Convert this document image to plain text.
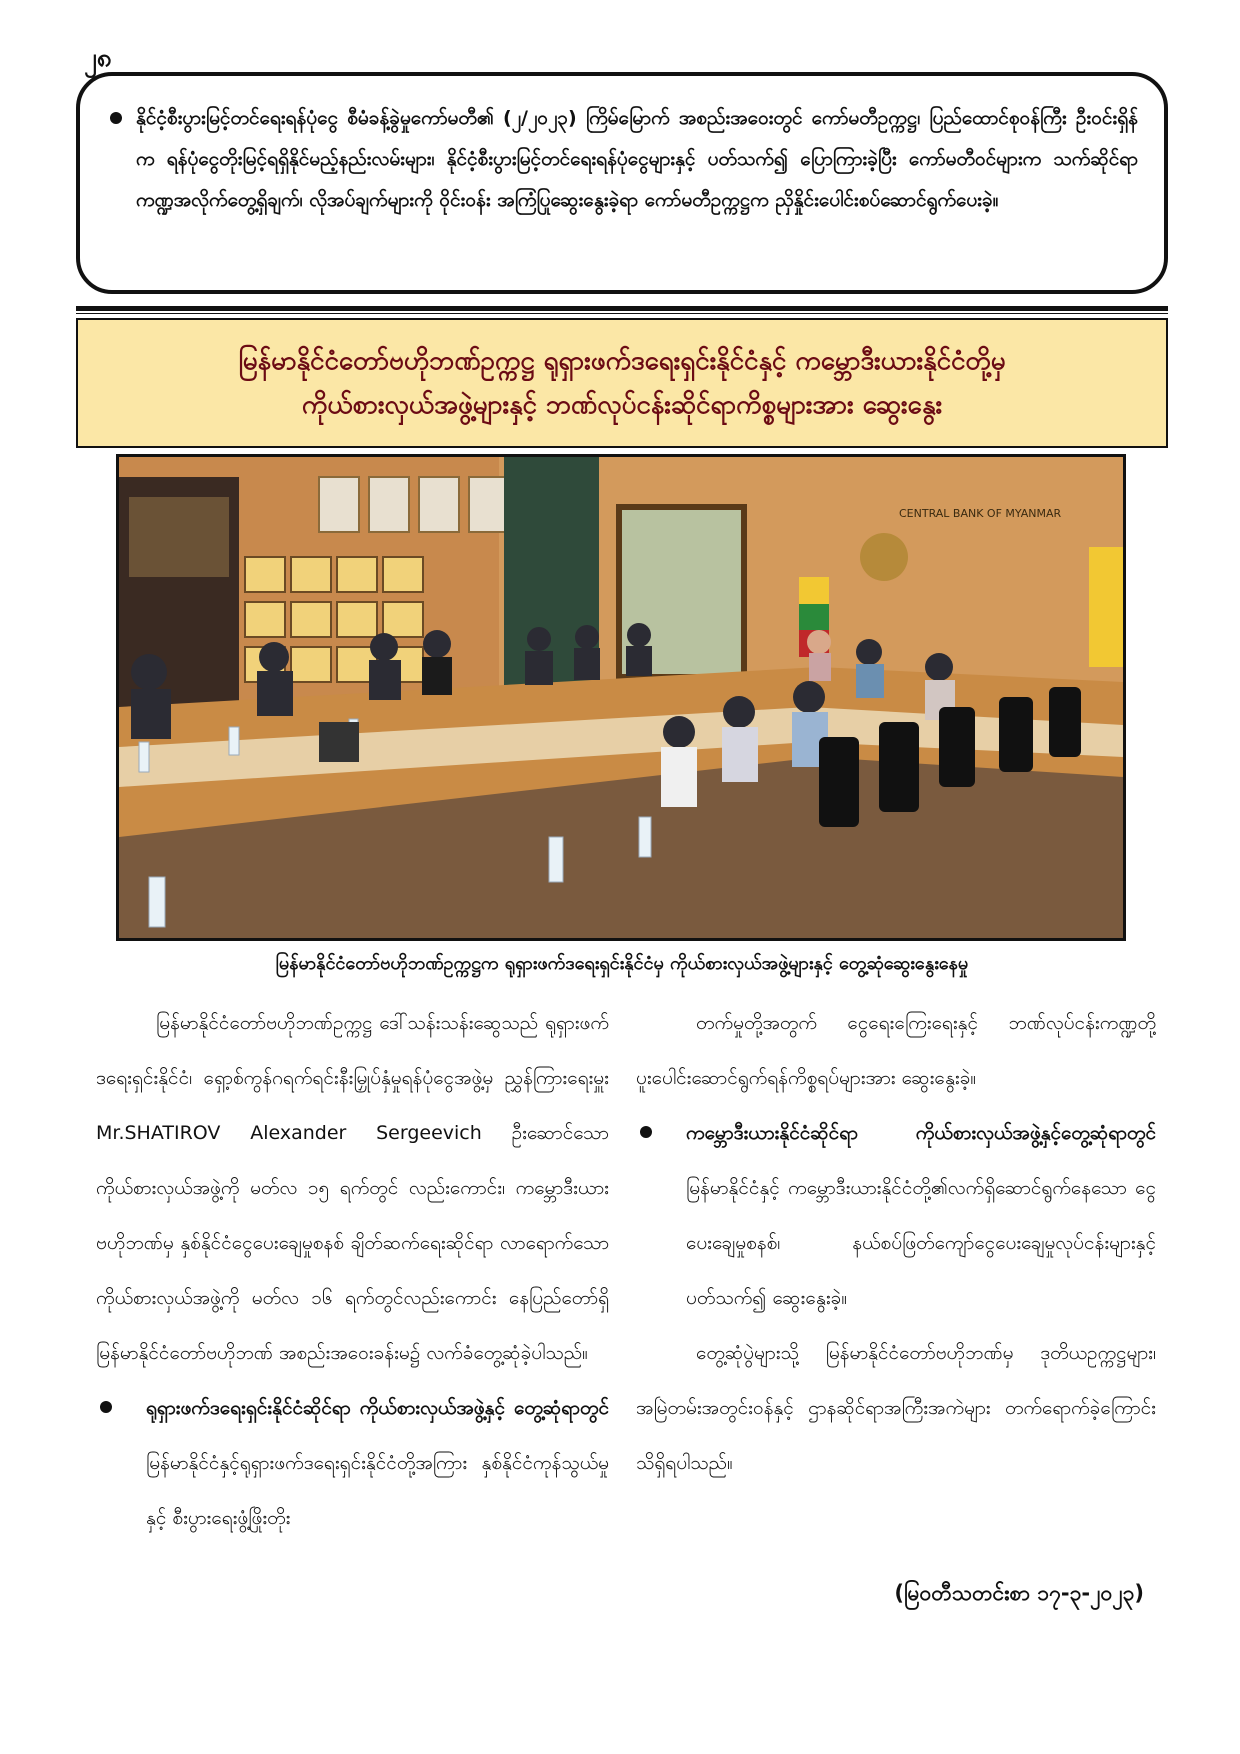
၂၈
နိုင်ငံ့စီးပွားမြင့်တင်ရေးရန်ပုံငွေ စီမံခန့်ခွဲမှုကော်မတီ၏ (၂/၂၀၂၃) ကြိမ်မြောက် အစည်းအဝေးတွင် ကော်မတီဥက္ကဋ္ဌ၊ ပြည်ထောင်စုဝန်ကြီး ဦးဝင်းရှိန်က ရန်ပုံငွေတိုးမြင့်ရရှိနိုင်မည့်နည်းလမ်းများ၊ နိုင်ငံ့စီးပွားမြင့်တင်ရေးရန်ပုံငွေများနှင့် ပတ်သက်၍ ပြောကြားခဲ့ပြီး ကော်မတီဝင်များက သက်ဆိုင်ရာကဏ္ဍအလိုက်တွေ့ရှိချက်၊ လိုအပ်ချက်များကို ဝိုင်းဝန်း အကြံပြုဆွေးနွေးခဲ့ရာ ကော်မတီဥက္ကဋ္ဌက ညှိနှိုင်းပေါင်းစပ်ဆောင်ရွက်ပေးခဲ့။
မြန်မာနိုင်ငံတော်ဗဟိုဘဏ်ဥက္ကဋ္ဌ ရုရှားဖက်ဒရေးရှင်းနိုင်ငံနှင့် ကမ္ဘောဒီးယားနိုင်ငံတို့မှ
ကိုယ်စားလှယ်အဖွဲ့များနှင့် ဘဏ်လုပ်ငန်းဆိုင်ရာကိစ္စများအား ဆွေးနွေး
CENTRAL BANK OF MYANMAR
မြန်မာနိုင်ငံတော်ဗဟိုဘဏ်ဥက္ကဋ္ဌက ရုရှားဖက်ဒရေးရှင်းနိုင်ငံမှ ကိုယ်စားလှယ်အဖွဲ့များနှင့် တွေ့ဆုံဆွေးနွေးနေမှု

မြန်မာနိုင်ငံတော်ဗဟိုဘဏ်ဥက္ကဋ္ဌ ဒေါ်သန်းသန်းဆွေသည် ရုရှားဖက်ဒရေးရှင်းနိုင်ငံ၊ ရှော့စ်ကွန်ဂရက်ရင်းနီးမြှုပ်နှံမှုရန်ပုံငွေအဖွဲ့မှ ညွှန်ကြားရေးမှူး Mr.SHATIROV Alexander Sergeevich ဦးဆောင်သော ကိုယ်စားလှယ်အဖွဲ့ကို မတ်လ ၁၅ ရက်တွင် လည်းကောင်း၊ ကမ္ဘောဒီးယားဗဟိုဘဏ်မှ နှစ်နိုင်ငံငွေပေးချေမှုစနစ် ချိတ်ဆက်ရေးဆိုင်ရာ လာရောက်သော ကိုယ်စားလှယ်အဖွဲ့ကို မတ်လ ၁၆ ရက်တွင်လည်းကောင်း နေပြည်တော်ရှိ မြန်မာနိုင်ငံတော်ဗဟိုဘဏ် အစည်းအဝေးခန်းမ၌ လက်ခံတွေ့ဆုံခဲ့ပါသည်။

ရုရှားဖက်ဒရေးရှင်းနိုင်ငံဆိုင်ရာ ကိုယ်စားလှယ်အဖွဲ့နှင့် တွေ့ဆုံရာတွင် မြန်မာနိုင်ငံနှင့်ရုရှားဖက်ဒရေးရှင်းနိုင်ငံတို့အကြား နှစ်နိုင်ငံကုန်သွယ်မှုနှင့် စီးပွားရေးဖွံ့ဖြိုးတိုး

တက်မှုတို့အတွက် ငွေရေးကြေးရေးနှင့် ဘဏ်လုပ်ငန်းကဏ္ဍတို့ ပူးပေါင်းဆောင်ရွက်ရန်ကိစ္စရပ်များအား ဆွေးနွေးခဲ့။

ကမ္ဘောဒီးယားနိုင်ငံဆိုင်ရာ ကိုယ်စားလှယ်အဖွဲ့နှင့်တွေ့ဆုံရာတွင် မြန်မာနိုင်ငံနှင့် ကမ္ဘောဒီးယားနိုင်ငံတို့၏လက်ရှိဆောင်ရွက်နေသော ငွေပေးချေမှုစနစ်၊ နယ်စပ်ဖြတ်ကျော်ငွေပေးချေမှုလုပ်ငန်းများနှင့်ပတ်သက်၍ ဆွေးနွေးခဲ့။

တွေ့ဆုံပွဲများသို့ မြန်မာနိုင်ငံတော်ဗဟိုဘဏ်မှ ဒုတိယဥက္ကဋ္ဌများ၊ အမြဲတမ်းအတွင်းဝန်နှင့် ဌာနဆိုင်ရာအကြီးအကဲများ တက်ရောက်ခဲ့ကြောင်း သိရှိရပါသည်။

(မြဝတီသတင်းစာ ၁၇-၃-၂၀၂၃)
